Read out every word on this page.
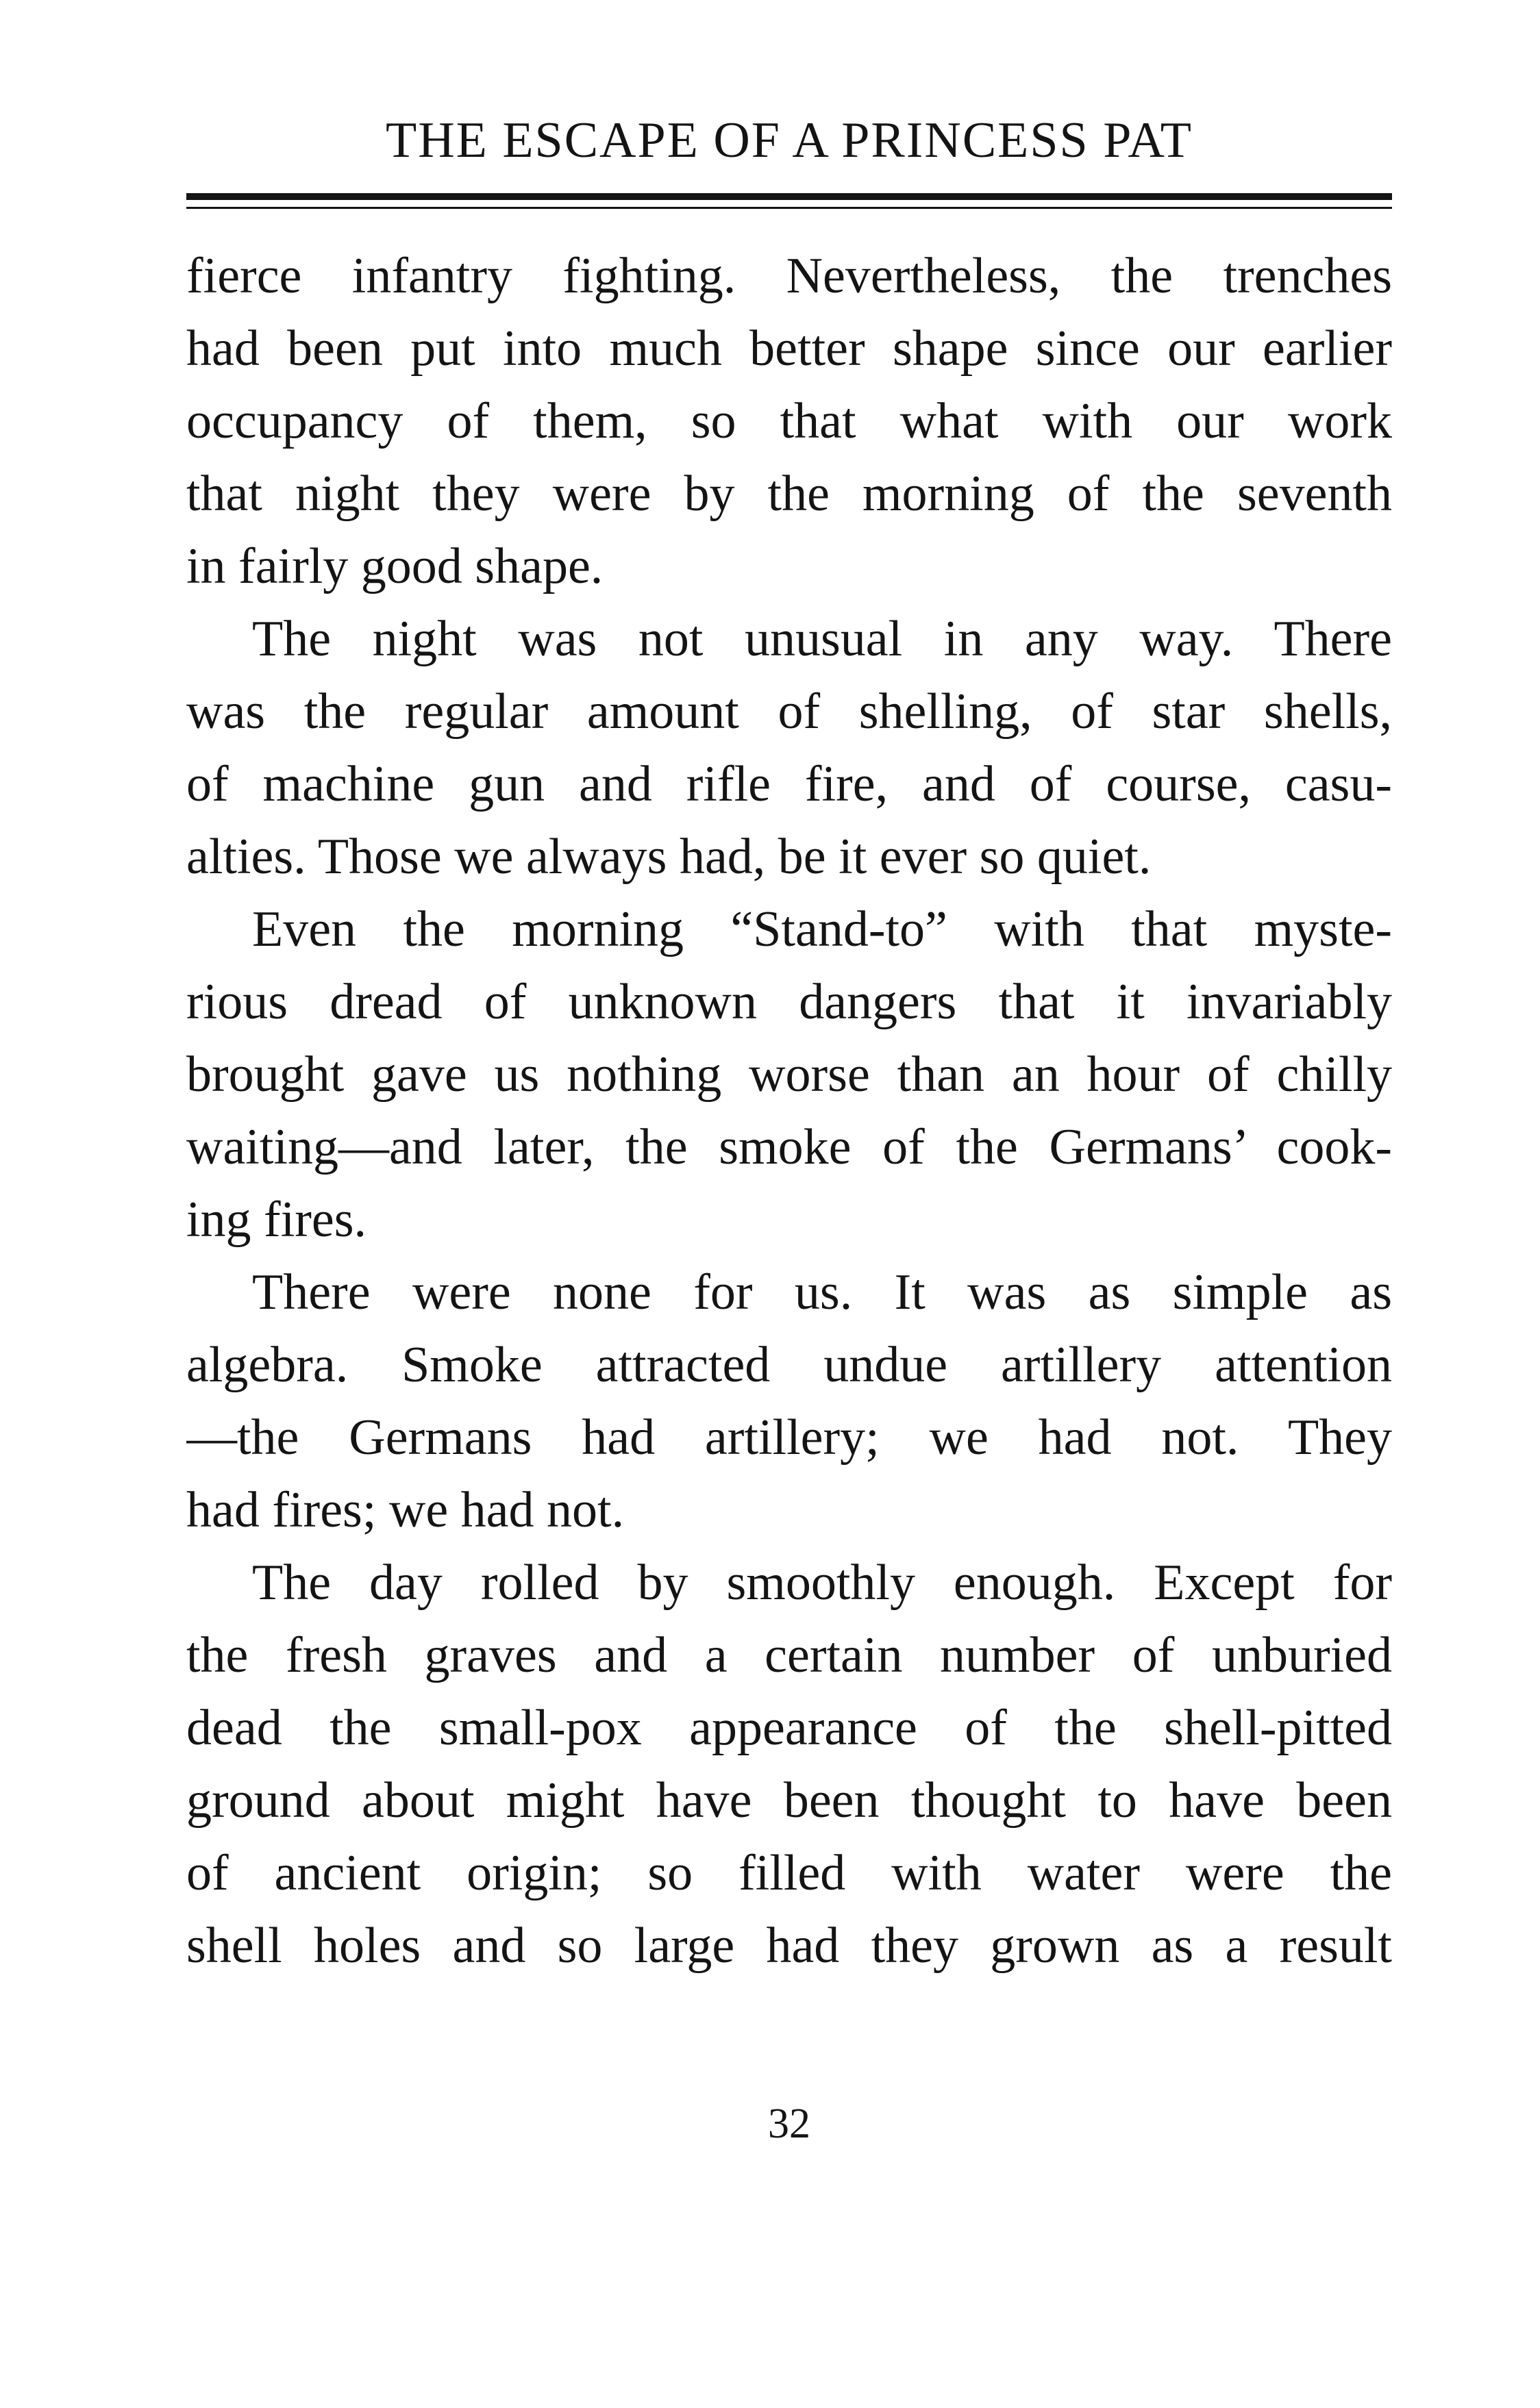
THE ESCAPE OF A PRINCESS PAT
fierce infantry fighting. Nevertheless, the trenches
had been put into much better shape since our earlier
occupancy of them, so that what with our work
that night they were by the morning of the seventh
in fairly good shape.
The night was not unusual in any way. There
was the regular amount of shelling, of star shells,
of machine gun and rifle fire, and of course, casu-
alties. Those we always had, be it ever so quiet.
Even the morning “Stand-to” with that myste-
rious dread of unknown dangers that it invariably
brought gave us nothing worse than an hour of chilly
waiting—and later, the smoke of the Germans’ cook-
ing fires.
There were none for us. It was as simple as
algebra. Smoke attracted undue artillery attention
—the Germans had artillery; we had not. They
had fires; we had not.
The day rolled by smoothly enough. Except for
the fresh graves and a certain number of unburied
dead the small-pox appearance of the shell-pitted
ground about might have been thought to have been
of ancient origin; so filled with water were the
shell holes and so large had they grown as a result
32
